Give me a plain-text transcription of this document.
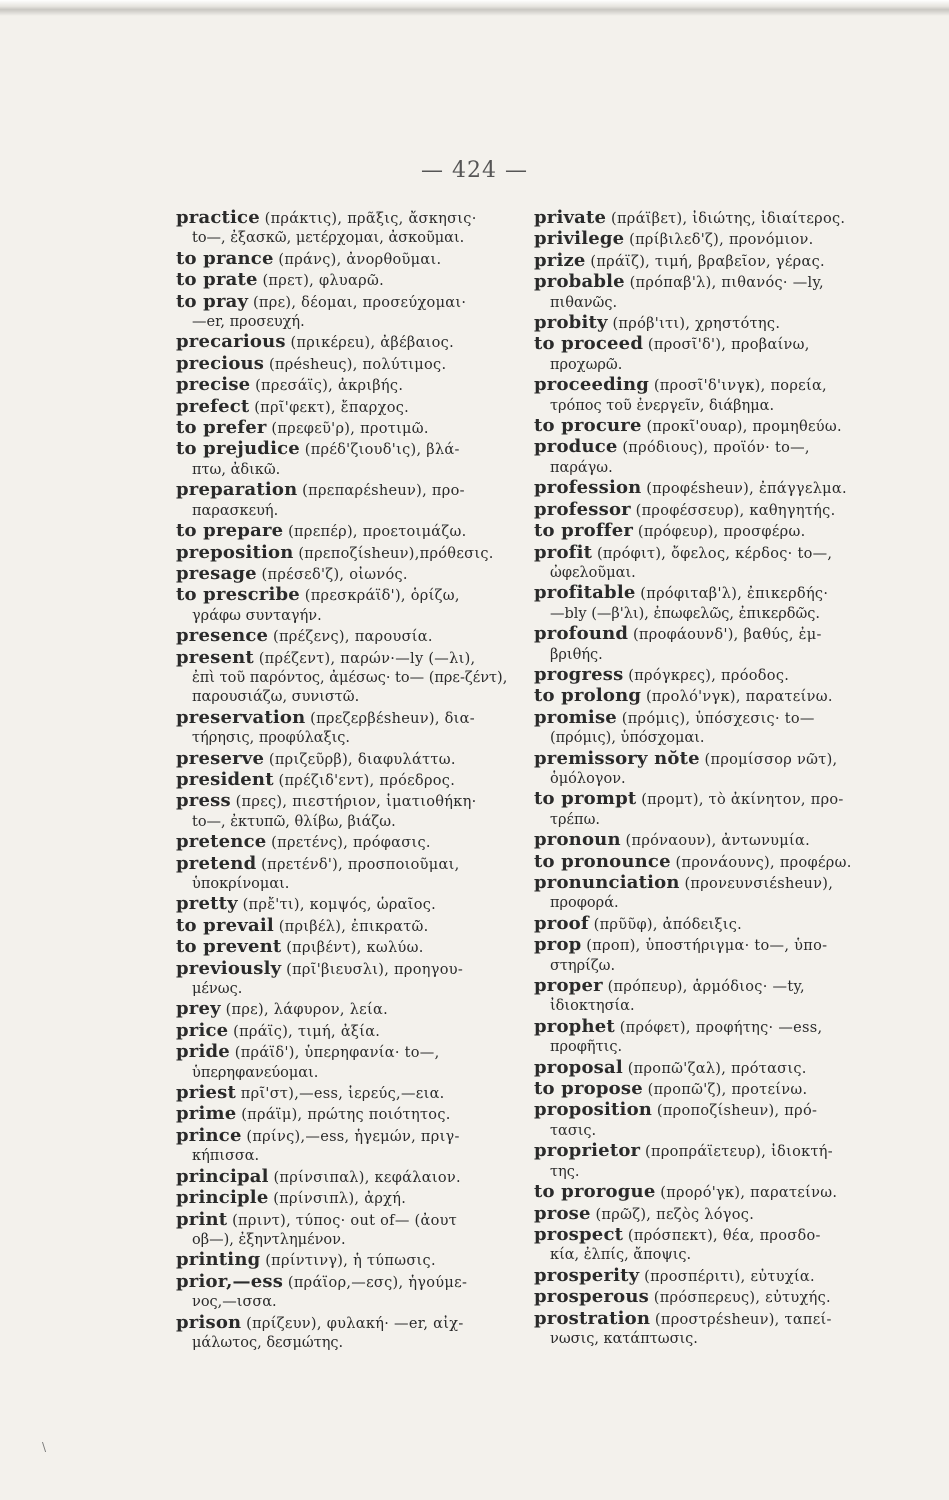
— 424 —
practice (πράκτις), πρᾶξις, ἄσκησις·
to—, ἐξασκῶ, μετέρχομαι, ἀσκοῦμαι.
to prance (πράνς), ἀνορθοῦμαι.
to prate (πρετ), φλυαρῶ.
to pray (πρε), δέομαι, προσεύχομαι·
—er, προσευχή.
precarious (πρικέρεu), ἀβέβαιος.
precious (πρésheuς), πολύτιμος.
precise (πρεσάϊς), ἀκριβής.
prefect (πρῖ'φεκτ), ἔπαρχος.
to prefer (πρεφεῦ'ρ), προτιμῶ.
to prejudice (πρέδ'ζιουδ'ις), βλά-
πτω, ἀδικῶ.
preparation (πρεπαρέsheuν), προ-
παρασκευή.
to prepare (πρεπέρ), προετοιμάζω.
preposition (πρεποζίsheuν),πρόθεσις.
presage (πρέσεδ'ζ), οἰωνός.
to prescribe (πρεσκράϊδ'), ὁρίζω,
γράφω συνταγήν.
presence (πρέζενς), παρουσία.
present (πρέζεντ), παρών·—ly (—λι),
ἐπὶ τοῦ παρόντος, ἀμέσως· to— (πρε-ζέντ), παρουσιάζω, συνιστῶ.
preservation (πρεζερβέsheuν), δια-
τήρησις, προφύλαξις.
preserve (πριζεῦρβ), διαφυλάττω.
president (πρέζιδ'εντ), πρόεδρος.
press (πρες), πιεστήριον, ἱματιοθήκη·
to—, ἐκτυπῶ, θλίβω, βιάζω.
pretence (πρετένς), πρόφασις.
pretend (πρετένδ'), προσποιοῦμαι,
ὑποκρίνομαι.
pretty (πρἔ'τι), κομψός, ὡραῖος.
to prevail (πριβέλ), ἐπικρατῶ.
to prevent (πριβέντ), κωλύω.
previously (πρῖ'βιευσλι), προηγου-
μένως.
prey (πρε), λάφυρον, λεία.
price (πράϊς), τιμή, ἀξία.
pride (πράϊδ'), ὑπερηφανία· to—,
ὑπερηφανεύομαι.
priest πρῖ'στ),—ess, ἱερεύς,—εια.
prime (πράϊμ), πρώτης ποιότητος.
prince (πρίνς),—ess, ἡγεμών, πριγ-
κήπισσα.
principal (πρίνσιπαλ), κεφάλαιον.
principle (πρίνσιπλ), ἀρχή.
print (πριντ), τύπος· out of— (ἀουτ
οβ—), ἐξηντλημένον.
printing (πρίντινγ), ἡ τύπωσις.
prior,—ess (πράϊορ,—εσς), ἡγούμε-
νος,—ισσα.
prison (πρίζευν), φυλακή· —er, αἰχ-
μάλωτος, δεσμώτης.
private (πράϊβετ), ἰδιώτης, ἰδιαίτερος.
privilege (πρίβιλεδ'ζ), προνόμιον.
prize (πράϊζ), τιμή, βραβεῖον, γέρας.
probable (πρόπαβ'λ), πιθανός· —ly,
πιθανῶς.
probity (πρόβ'ιτι), χρηστότης.
to proceed (προσῖ'δ'), προβαίνω,
προχωρῶ.
proceeding (προσῖ'δ'ινγκ), πορεία,
τρόπος τοῦ ἐνεργεῖν, διάβημα.
to procure (προκῖ'ουαρ), προμηθεύω.
produce (πρόδιους), προϊόν· to—,
παράγω.
profession (προφέsheuν), ἐπάγγελμα.
professor (προφέσσευρ), καθηγητής.
to proffer (πρόφευρ), προσφέρω.
profit (πρόφιτ), ὄφελος, κέρδος· to—,
ὠφελοῦμαι.
profitable (πρόφιταβ'λ), ἐπικερδής·
—bly (—β'λι), ἐπωφελῶς, ἐπικερδῶς.
profound (προφάουνδ'), βαθύς, ἐμ-
βριθής.
progress (πρόγκρες), πρόοδος.
to prolong (προλό'νγκ), παρατείνω.
promise (πρόμις), ὑπόσχεσις· to—
(πρόμις), ὑπόσχομαι.
premissory nŏte (προμίσσορ νῶτ),
ὁμόλογον.
to prompt (προμτ), τὸ ἀκίνητον, προ-
τρέπω.
pronoun (πρόναουν), ἀντωνυμία.
to pronounce (προνάουνς), προφέρω.
pronunciation (προνευνσιέsheuν),
προφορά.
proof (πρῦῦφ), ἀπόδειξις.
prop (προπ), ὑποστήριγμα· to—, ὑπο-
στηρίζω.
proper (πρόπευρ), ἁρμόδιος· —ty,
ἰδιοκτησία.
prophet (πρόφετ), προφήτης· —ess,
προφῆτις.
proposal (προπῶ'ζαλ), πρότασις.
to propose (προπῶ'ζ), προτείνω.
proposition (προποζίsheuν), πρό-
τασις.
proprietor (προπράϊετευρ), ἰδιοκτή-
της.
to prorogue (προρό'γκ), παρατείνω.
prose (πρῶζ), πεζὸς λόγος.
prospect (πρόσπεκτ), θέα, προσδο-
κία, ἐλπίς, ἄποψις.
prosperity (προσπέριτι), εὐτυχία.
prosperous (πρόσπερευς), εὐτυχής.
prostration (προστρέsheuν), ταπεί-
νωσις, κατάπτωσις.
\
